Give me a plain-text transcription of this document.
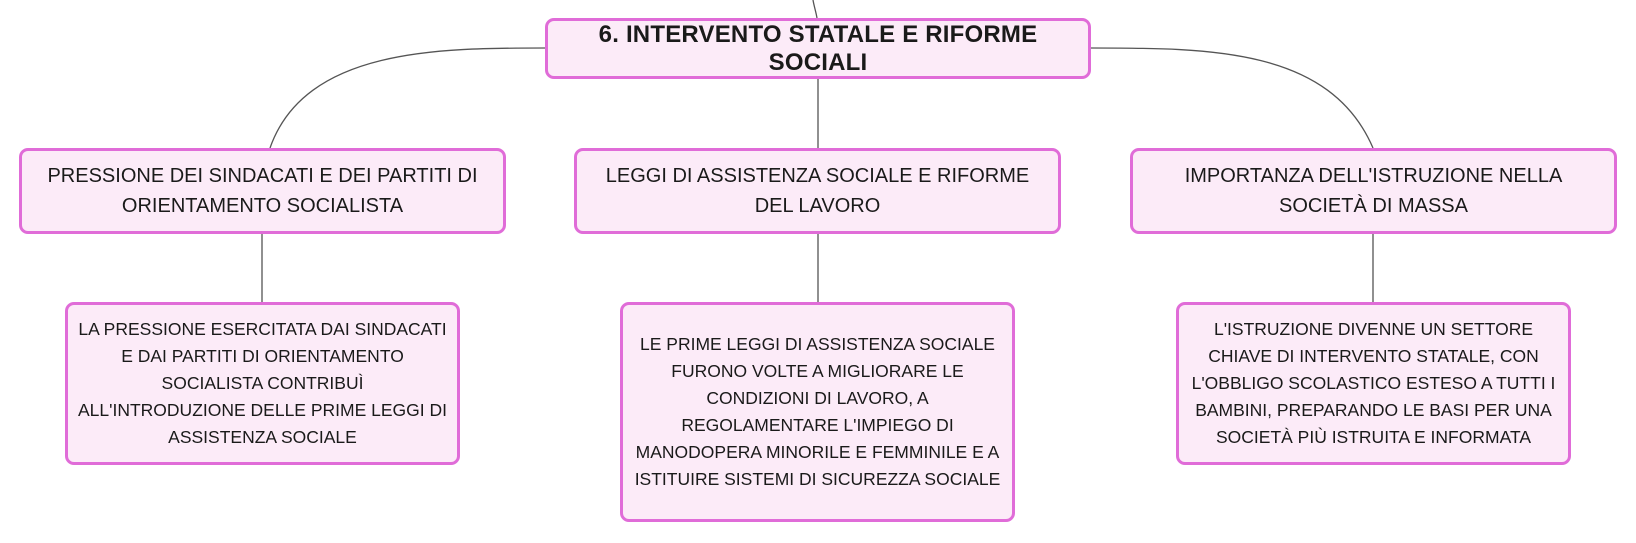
6. INTERVENTO STATALE E RIFORME SOCIALI
PRESSIONE DEI SINDACATI E DEI PARTITI DI ORIENTAMENTO SOCIALISTA
LEGGI DI ASSISTENZA SOCIALE E RIFORME DEL LAVORO
IMPORTANZA DELL'ISTRUZIONE NELLA SOCIETÀ DI MASSA
LA PRESSIONE ESERCITATA DAI SINDACATI E DAI PARTITI DI ORIENTAMENTO SOCIALISTA CONTRIBUÌ ALL'INTRODUZIONE DELLE PRIME LEGGI DI ASSISTENZA SOCIALE
LE PRIME LEGGI DI ASSISTENZA SOCIALE FURONO VOLTE A MIGLIORARE LE CONDIZIONI DI LAVORO, A REGOLAMENTARE L'IMPIEGO DI MANODOPERA MINORILE E FEMMINILE E A ISTITUIRE SISTEMI DI SICUREZZA SOCIALE
L'ISTRUZIONE DIVENNE UN SETTORE CHIAVE DI INTERVENTO STATALE, CON L'OBBLIGO SCOLASTICO ESTESO A TUTTI I BAMBINI, PREPARANDO LE BASI PER UNA SOCIETÀ PIÙ ISTRUITA E INFORMATA
